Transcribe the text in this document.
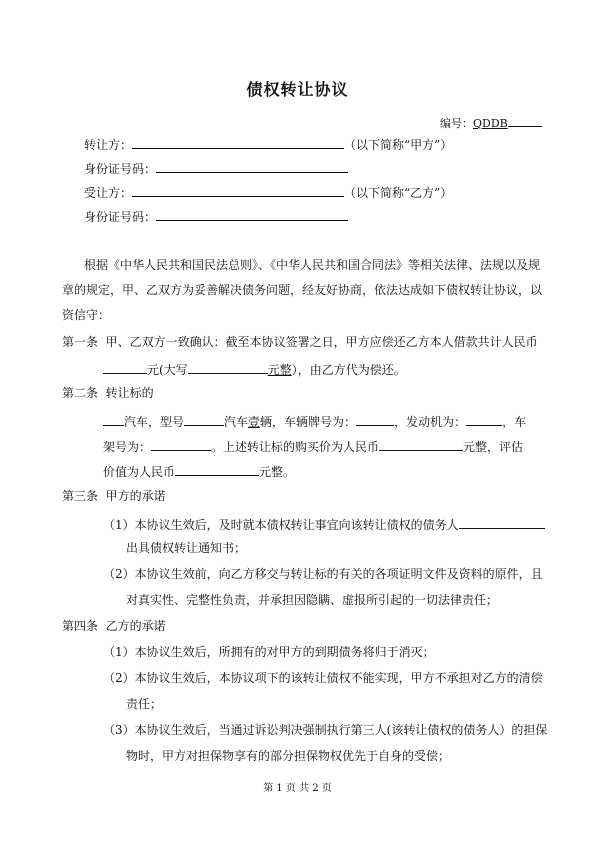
债权转让协议
编号：QDDB
转让方：	（以下简称“甲方”）
身份证号码：
受让方：	（以下简称“乙方”）
身份证号码：
根据《中华人民共和国民法总则》、《中华人民共和国合同法》等相关法律、法规以及规
章的规定，甲、乙双方为妥善解决债务问题，经友好协商，依法达成如下债权转让协议，以
资信守：
第一条 甲、乙双方一致确认：截至本协议签署之日，甲方应偿还乙方本人借款共计人民币
元(大写	元整），由乙方代为偿还。
第二条 转让标的
汽车，型号	汽车壹辆，车辆牌号为：	，发动机为：	，车
架号为：	。上述转让标的购买价为人民币	元整，评估
价值为人民币	元整。
第三条 甲方的承诺
（1）本协议生效后，及时就本债权转让事宜向该转让债权的债务人
出具债权转让通知书；
（2）本协议生效前，向乙方移交与转让标的有关的各项证明文件及资料的原件，且
对真实性、完整性负责，并承担因隐瞒、虚报所引起的一切法律责任；
第四条 乙方的承诺
（1）本协议生效后，所拥有的对甲方的到期债务将归于消灭；
（2）本协议生效后，本协议项下的该转让债权不能实现，甲方不承担对乙方的清偿
责任；
（3）本协议生效后，当通过诉讼判决强制执行第三人(该转让债权的债务人）的担保
物时，甲方对担保物享有的部分担保物权优先于自身的受偿；
第 1 页 共 2 页
